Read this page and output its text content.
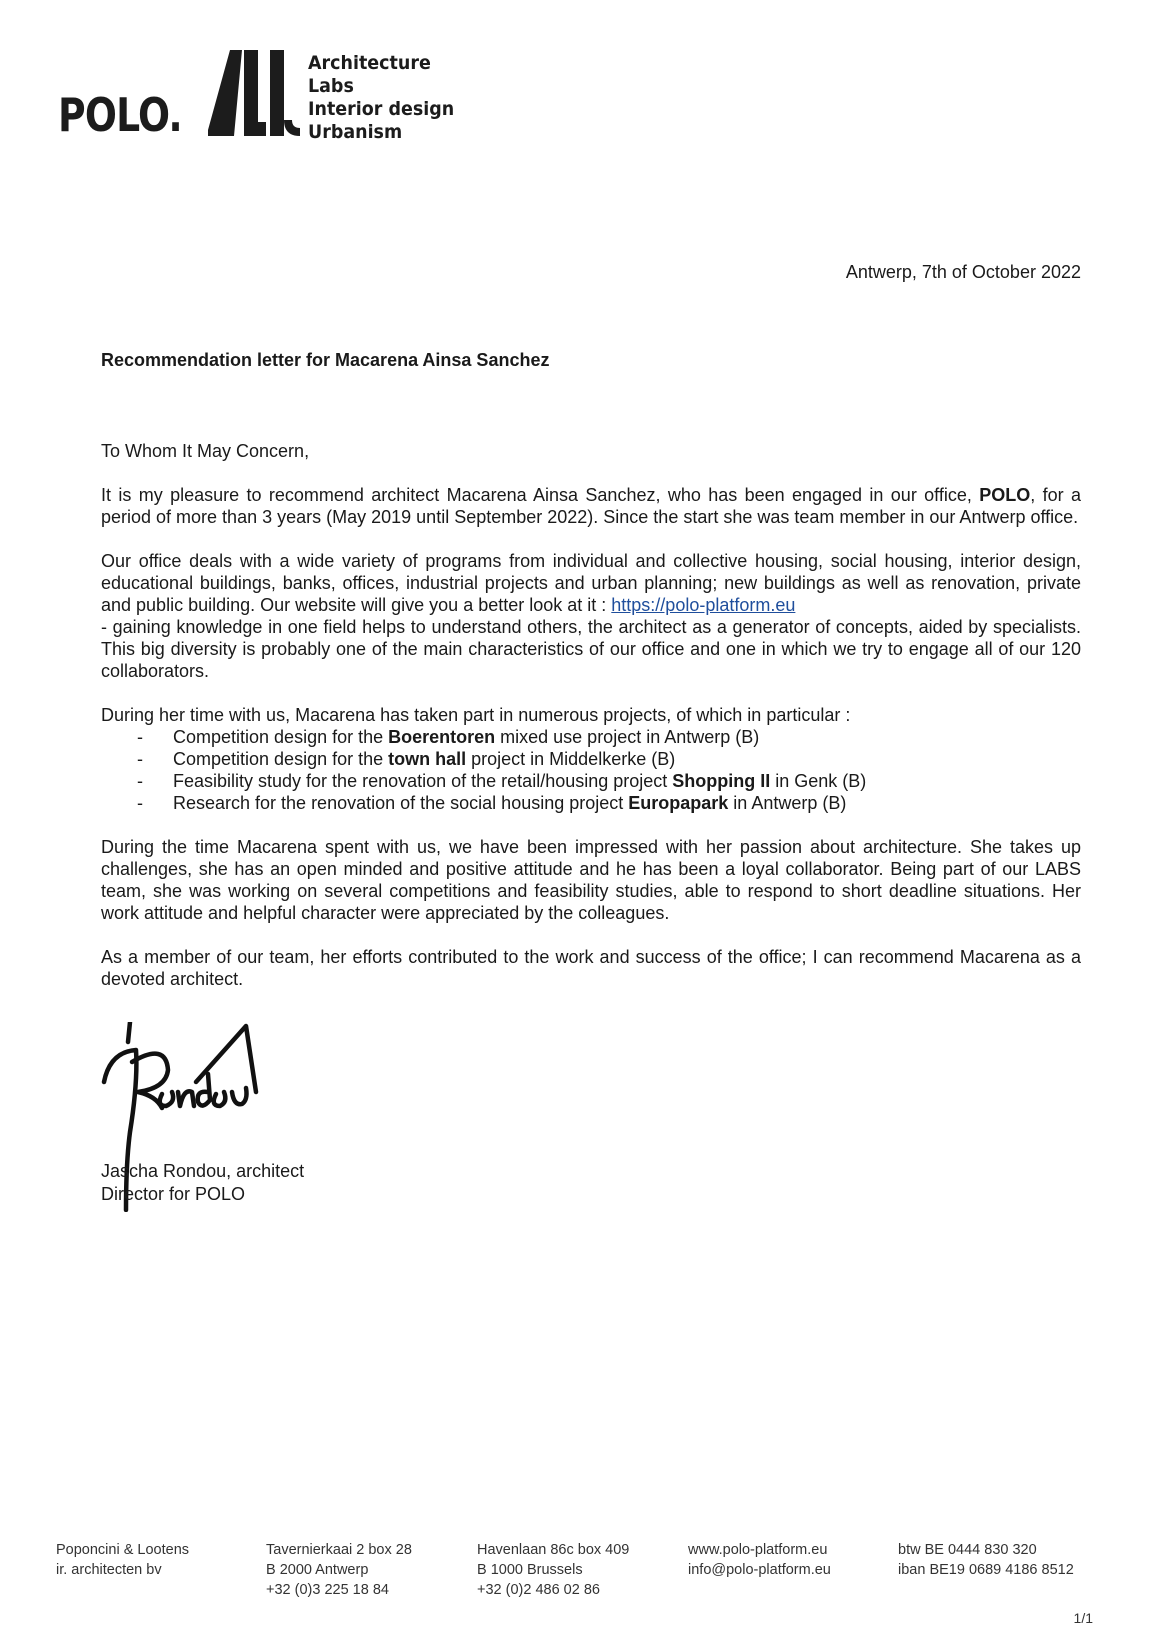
POLO.
Architecture
Labs
Interior design
Urbanism
Antwerp, 7th of October 2022
Recommendation letter for Macarena Ainsa Sanchez

To Whom It May Concern,

It is my pleasure to recommend architect Macarena Ainsa Sanchez, who has been engaged in our office, POLO, for a period of more than 3 years (May 2019 until September 2022). Since the start she was team member in our Antwerp office.

Our office deals with a wide variety of programs from individual and collective housing, social housing, interior design, educational buildings, banks, offices, industrial projects and urban planning; new buildings as well as renovation, private and public building. Our website will give you a better look at it : https://polo-platform.eu
- gaining knowledge in one field helps to understand others, the architect as a generator of concepts, aided by specialists. This big diversity is probably one of the main characteristics of our office and one in which we try to engage all of our 120 collaborators.

During her time with us, Macarena has taken part in numerous projects, of which in particular :
- Competition design for the Boerentoren mixed use project in Antwerp (B)
- Competition design for the town hall project in Middelkerke (B)
- Feasibility study for the renovation of the retail/housing project Shopping II in Genk (B)
- Research for the renovation of the social housing project Europapark in Antwerp (B)

During the time Macarena spent with us, we have been impressed with her passion about architecture. She takes up challenges, she has an open minded and positive attitude and he has been a loyal collaborator. Being part of our LABS team, she was working on several competitions and feasibility studies, able to respond to short deadline situations. Her work attitude and helpful character were appreciated by the colleagues.

As a member of our team, her efforts contributed to the work and success of the office; I can recommend Macarena as a devoted architect.

Jascha Rondou, architect
Director for POLO
Poponcini & Lootens
ir. architecten bv
Tavernierkaai 2 box 28
B 2000 Antwerp
+32 (0)3 225 18 84
Havenlaan 86c box 409
B 1000 Brussels
+32 (0)2 486 02 86
www.polo-platform.eu
info@polo-platform.eu
btw BE 0444 830 320
iban BE19 0689 4186 8512
1/1
